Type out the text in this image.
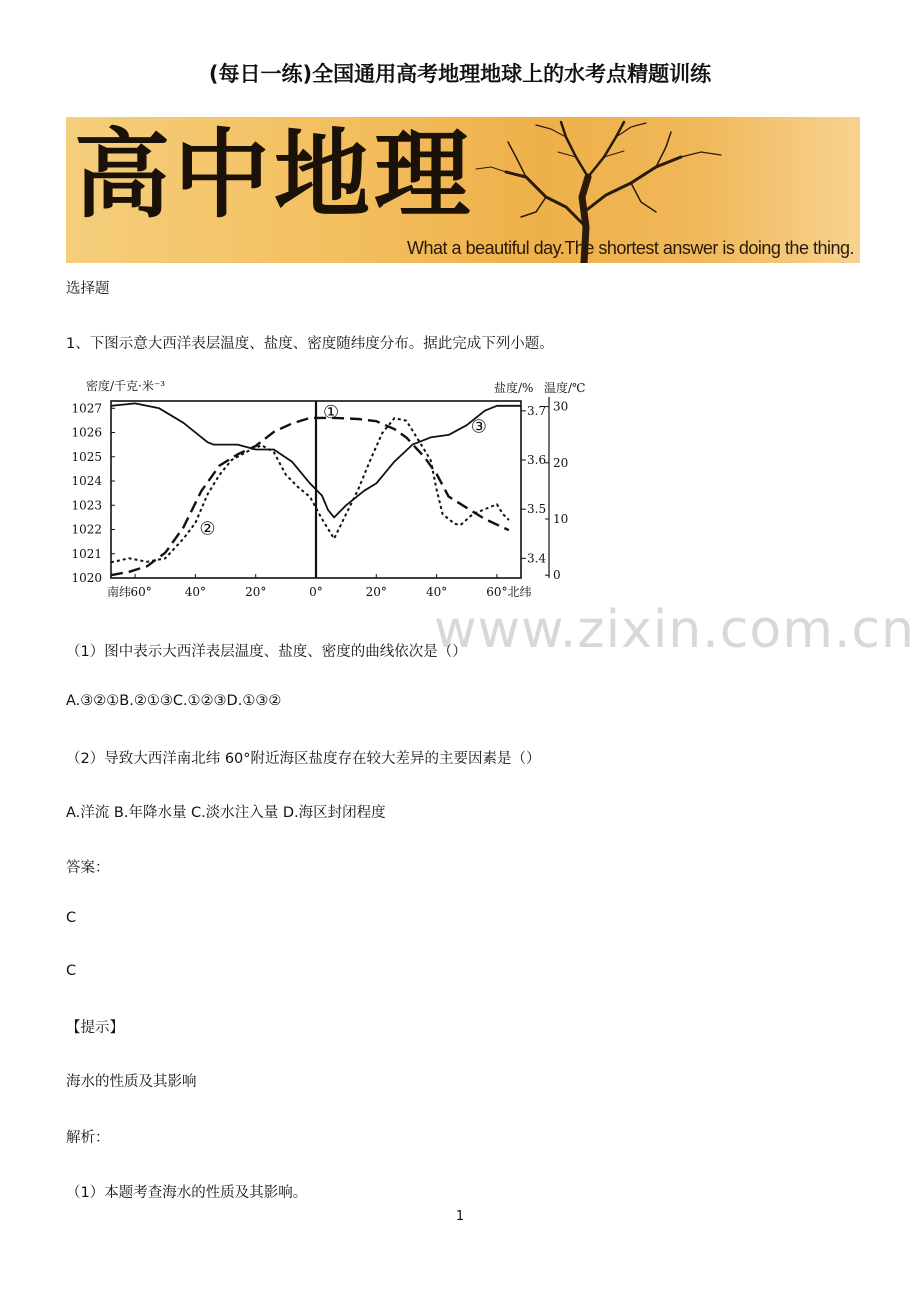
(每日一练)全国通用高考地理地球上的水考点精题训练
高中地理
What a beautiful day.The shortest answer is doing the thing.
选择题
1、下图示意大西洋表层温度、盐度、密度随纬度分布。据此完成下列小题。
密度/千克·米⁻³	盐度/% 温度/℃
1027
1026
1025
1024
1023
1022
1021
1020
3.7
3.6
3.5
3.4
30
20
10
0
南纬 60°	40°	20°	0°	20°	40°	60°北纬
①
②
③
www.zixin.com.cn
（1）图中表示大西洋表层温度、盐度、密度的曲线依次是（）
A.③②①B.②①③C.①②③D.①③②
（2）导致大西洋南北纬 60°附近海区盐度存在较大差异的主要因素是（）
A.洋流 B.年降水量 C.淡水注入量 D.海区封闭程度
答案：
C
C
【提示】
海水的性质及其影响
解析：
（1）本题考查海水的性质及其影响。
1
